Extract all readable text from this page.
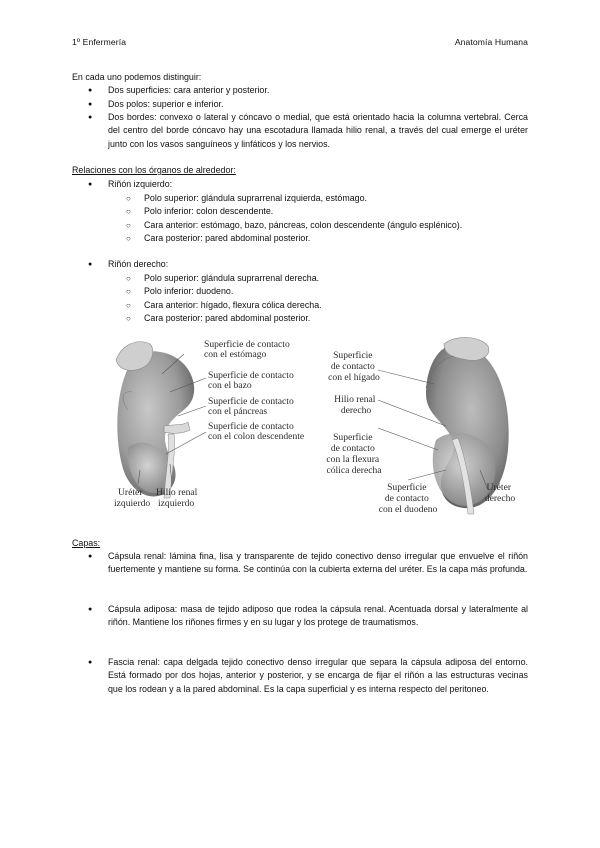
1º Enfermería	Anatomía Humana
En cada uno podemos distinguir:
● Dos superficies: cara anterior y posterior.
● Dos polos: superior e inferior.
● Dos bordes: convexo o lateral y cóncavo o medial, que está orientado hacia la columna vertebral. Cerca del centro del borde cóncavo hay una escotadura llamada hilio renal, a través del cual emerge el uréter junto con los vasos sanguíneos y linfáticos y los nervios.
Relaciones con los órganos de alrededor:
● Riñón izquierdo:
○ Polo superior: glándula suprarrenal izquierda, estómago.
○ Polo inferior: colon descendente.
○ Cara anterior: estómago, bazo, páncreas, colon descendente (ángulo esplénico).
○ Cara posterior: pared abdominal posterior.
● Riñón derecho:
○ Polo superior: glándula suprarrenal derecha.
○ Polo inferior: duodeno.
○ Cara anterior: hígado, flexura cólica derecha.
○ Cara posterior: pared abdominal posterior.
Superficie de contacto con el estómago
Superficie de contacto con el bazo
Superficie de contacto con el páncreas
Superficie de contacto con el colon descendente
Uréter izquierdo
Hilio renal izquierdo
Superficie de contacto con el hígado
Hilio renal derecho
Superficie de contacto con la flexura cólica derecha
Superficie de contacto con el duodeno
Uréter derecho
Capas:
● Cápsula renal: lámina fina, lisa y transparente de tejido conectivo denso irregular que envuelve el riñón fuertemente y mantiene su forma. Se continúa con la cubierta externa del uréter. Es la capa más profunda.
● Cápsula adiposa: masa de tejido adiposo que rodea la cápsula renal. Acentuada dorsal y lateralmente al riñón. Mantiene los riñones firmes y en su lugar y los protege de traumatismos.
● Fascia renal: capa delgada tejido conectivo denso irregular que separa la cápsula adiposa del entorno. Está formado por dos hojas, anterior y posterior, y se encarga de fijar el riñón a las estructuras vecinas que los rodean y a la pared abdominal. Es la capa superficial y es interna respecto del peritoneo.
